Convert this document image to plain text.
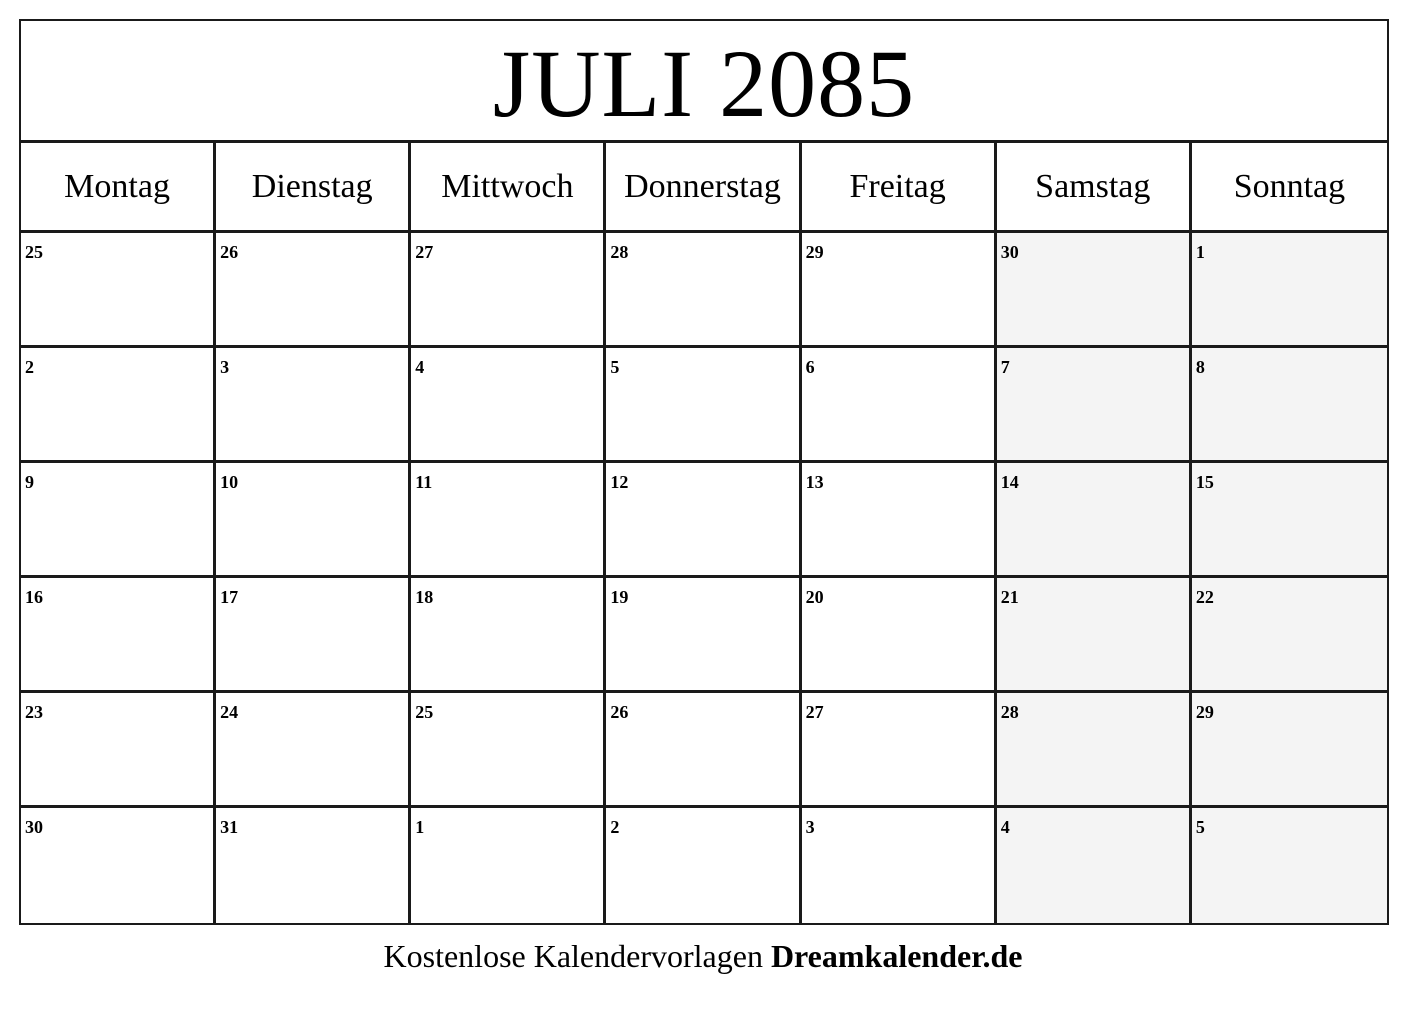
JULI 2085
Montag	Dienstag	Mittwoch	Donnerstag	Freitag	Samstag	Sonntag
25	26	27	28	29	30	1
2	3	4	5	6	7	8
9	10	11	12	13	14	15
16	17	18	19	20	21	22
23	24	25	26	27	28	29
30	31	1	2	3	4	5
Kostenlose Kalendervorlagen Dreamkalender.de
